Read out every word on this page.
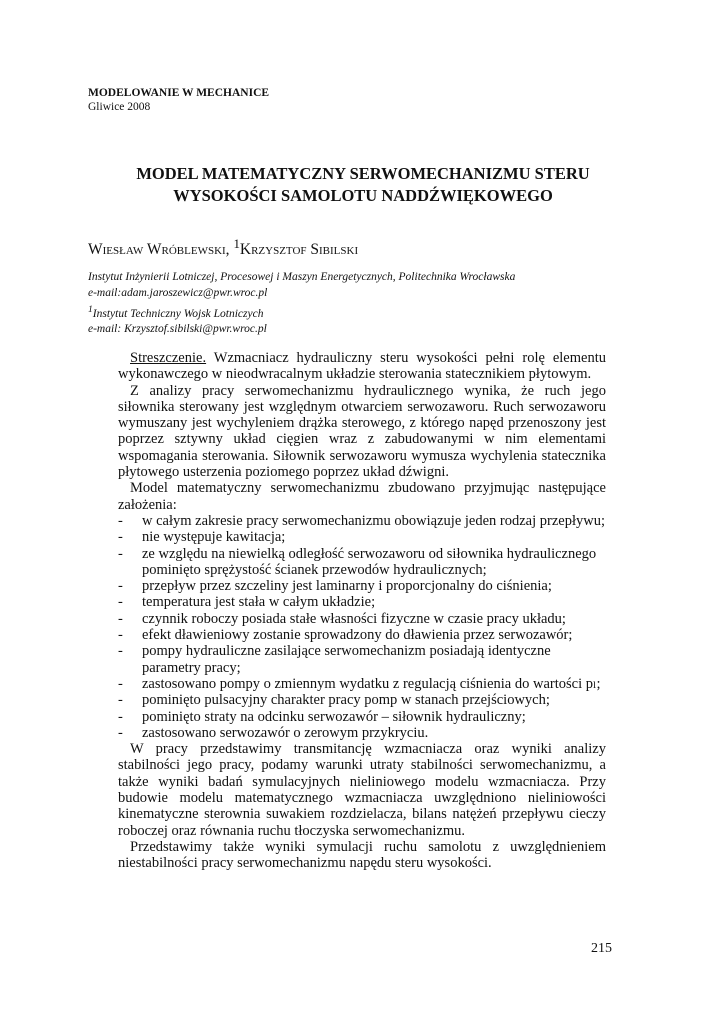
MODELOWANIE W MECHANICE
Gliwice 2008
MODEL MATEMATYCZNY SERWOMECHANIZMU STERU
WYSOKOŚCI SAMOLOTU NADDŹWIĘKOWEGO
Wiesław Wróblewski, $^1$Krzysztof Sibilski
Instytut Inżynierii Lotniczej, Procesowej i Maszyn Energetycznych, Politechnika Wrocławska
e-mail:adam.jaroszewicz@pwr.wroc.pl
$^1$Instytut Techniczny Wojsk Lotniczych
e-mail: Krzysztof.sibilski@pwr.wroc.pl

Streszczenie. Wzmacniacz hydrauliczny steru wysokości pełni rolę elementu wykonawczego w nieodwracalnym układzie sterowania statecznikiem płytowym.

Z analizy pracy serwomechanizmu hydraulicznego wynika, że ruch jego siłownika sterowany jest względnym otwarciem serwozaworu. Ruch serwozaworu wymuszany jest wychyleniem drążka sterowego, z którego napęd przenoszony jest poprzez sztywny układ cięgien wraz z zabudowanymi w nim elementami wspomagania sterowania. Siłownik serwozaworu wymusza wychylenia statecznika płytowego usterzenia poziomego poprzez układ dźwigni.

Model matematyczny serwomechanizmu zbudowano przyjmując następujące założenia:

- w całym zakresie pracy serwomechanizmu obowiązuje jeden rodzaj przepływu;
- nie występuje kawitacja;
- ze względu na niewielką odległość serwozaworu od siłownika hydraulicznego pominięto sprężystość ścianek przewodów hydraulicznych;
- przepływ przez szczeliny jest laminarny i proporcjonalny do ciśnienia;
- temperatura jest stała w całym układzie;
- czynnik roboczy posiada stałe własności fizyczne w czasie pracy układu;
- efekt dławieniowy zostanie sprowadzony do dławienia przez serwozawór;
- pompy hydrauliczne zasilające serwomechanizm posiadają identyczne parametry pracy;
- zastosowano pompy o zmiennym wydatku z regulacją ciśnienia do wartości pₗ;
- pominięto pulsacyjny charakter pracy pomp w stanach przejściowych;
- pominięto straty na odcinku serwozawór – siłownik hydrauliczny;
- zastosowano serwozawór o zerowym przykryciu.

W pracy przedstawimy transmitancję wzmacniacza oraz wyniki analizy stabilności jego pracy, podamy warunki utraty stabilności serwomechanizmu, a także wyniki badań symulacyjnych nieliniowego modelu wzmacniacza. Przy budowie modelu matematycznego wzmacniacza uwzględniono nieliniowości kinematyczne sterownia suwakiem rozdzielacza, bilans natężeń przepływu cieczy roboczej oraz równania ruchu tłoczyska serwomechanizmu.

Przedstawimy także wyniki symulacji ruchu samolotu z uwzględnieniem niestabilności pracy serwomechanizmu napędu steru wysokości.

215
